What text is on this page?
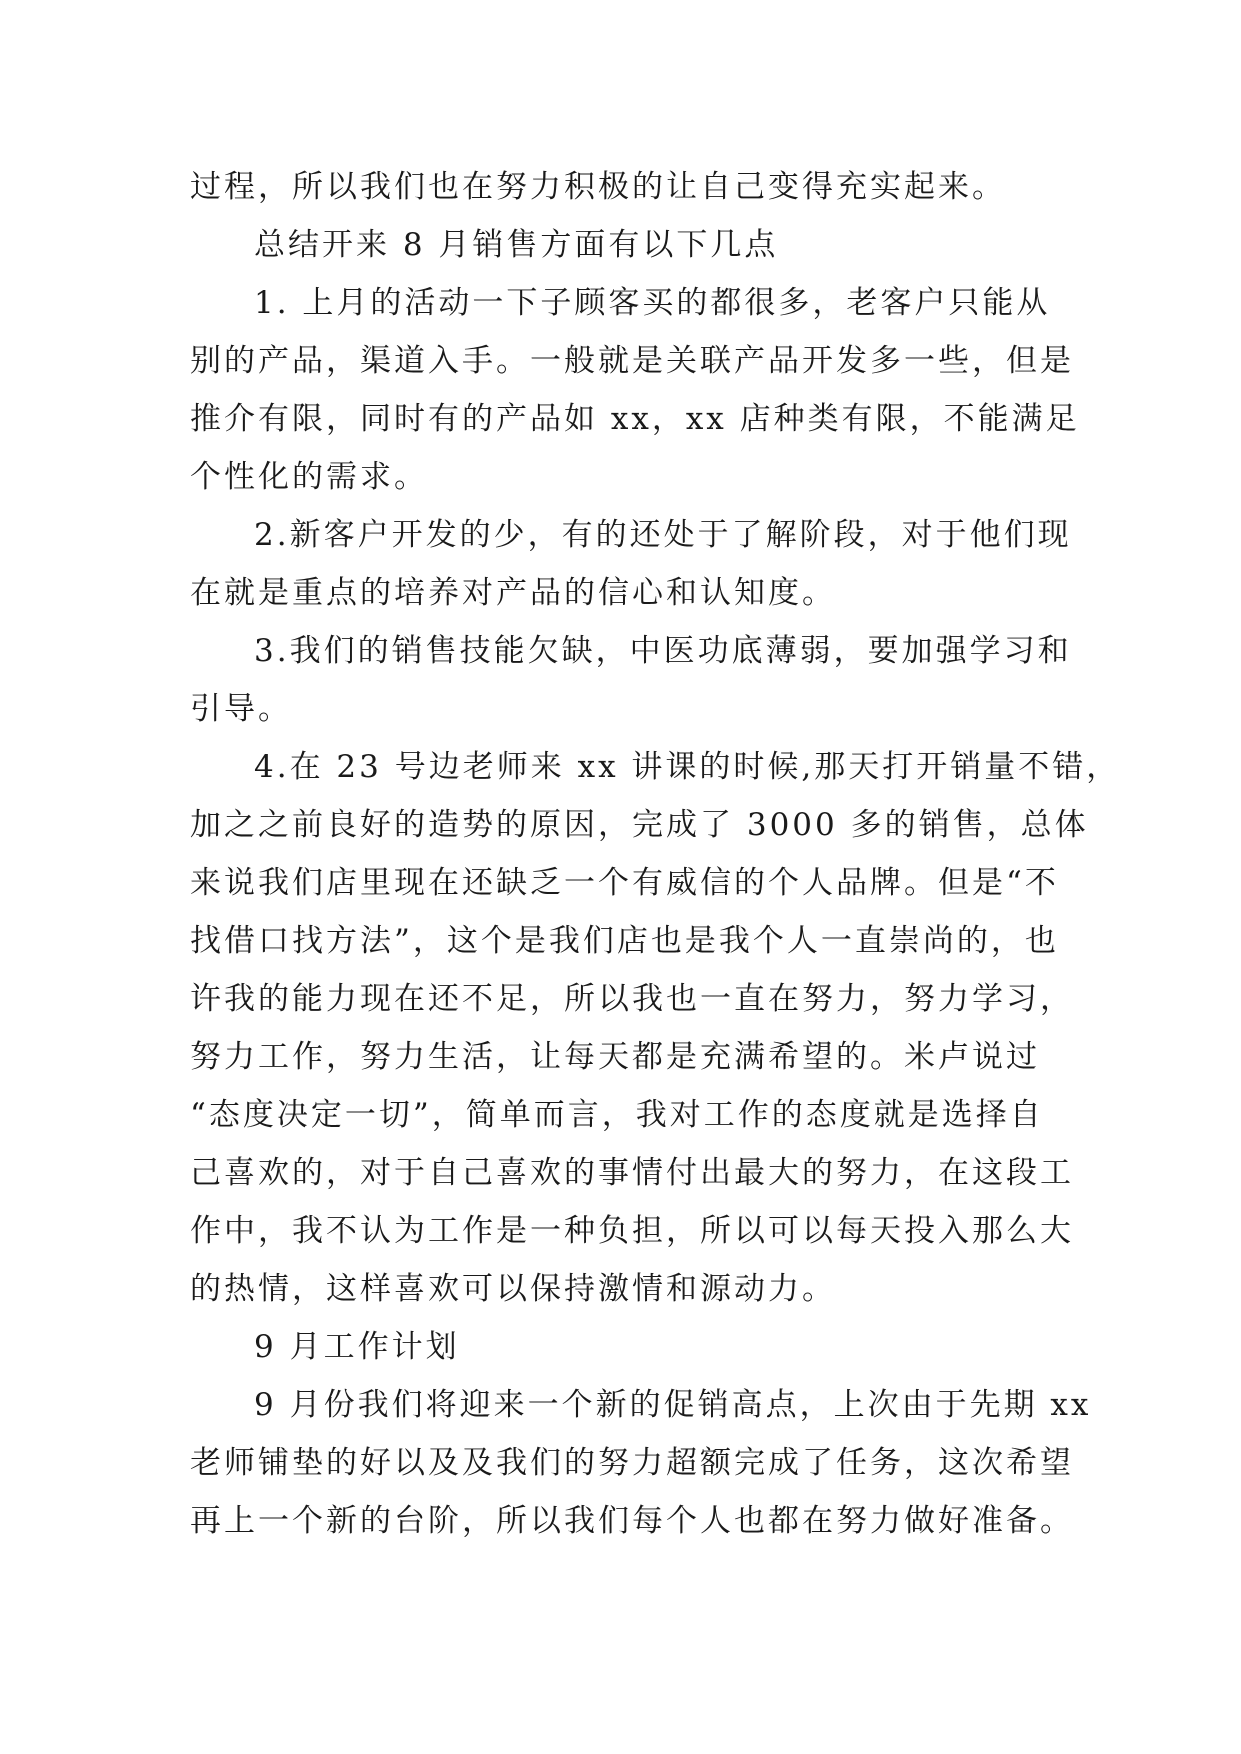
过程，所以我们也在努力积极的让自己变得充实起来。
总结开来 8 月销售方面有以下几点
1. 上月的活动一下子顾客买的都很多，老客户只能从
别的产品，渠道入手。一般就是关联产品开发多一些，但是
推介有限，同时有的产品如 xx，xx 店种类有限，不能满足
个性化的需求。
2.新客户开发的少，有的还处于了解阶段，对于他们现
在就是重点的培养对产品的信心和认知度。
3.我们的销售技能欠缺，中医功底薄弱，要加强学习和
引导。
4.在 23 号边老师来 xx 讲课的时候,那天打开销量不错，
加之之前良好的造势的原因，完成了 3000 多的销售，总体
来说我们店里现在还缺乏一个有威信的个人品牌。但是“不
找借口找方法”，这个是我们店也是我个人一直崇尚的，也
许我的能力现在还不足，所以我也一直在努力，努力学习，
努力工作，努力生活，让每天都是充满希望的。米卢说过
“态度决定一切”，简单而言，我对工作的态度就是选择自
己喜欢的，对于自己喜欢的事情付出最大的努力，在这段工
作中，我不认为工作是一种负担，所以可以每天投入那么大
的热情，这样喜欢可以保持激情和源动力。
9 月工作计划
9 月份我们将迎来一个新的促销高点，上次由于先期 xx
老师铺垫的好以及及我们的努力超额完成了任务，这次希望
再上一个新的台阶，所以我们每个人也都在努力做好准备。
